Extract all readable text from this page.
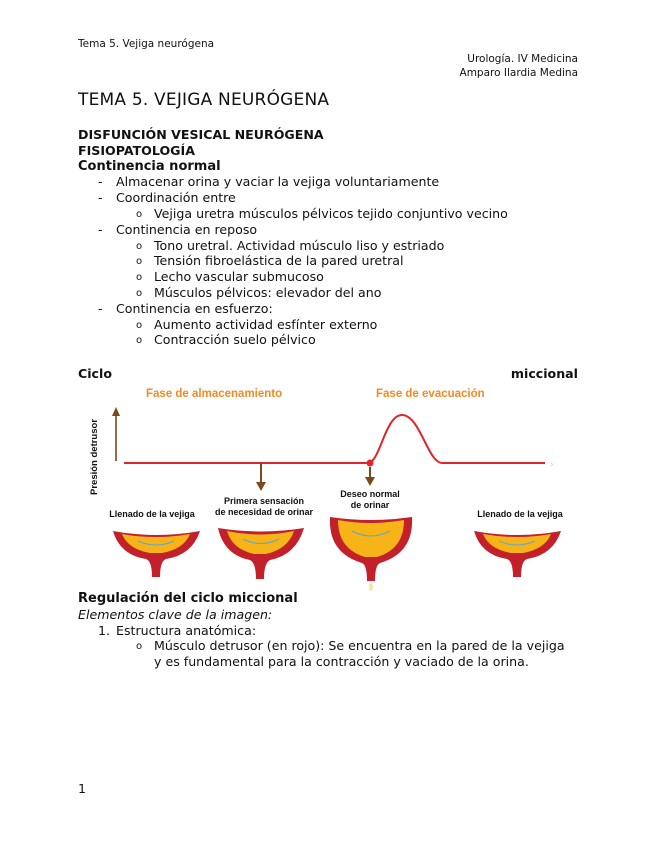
Tema 5. Vejiga neurógena
Urología. IV Medicina
Amparo Ilardia Medina
TEMA 5. VEJIGA NEURÓGENA
DISFUNCIÓN VESICAL NEURÓGENA
FISIOPATOLOGÍA
Continencia normal
- Almacenar orina y vaciar la vejiga voluntariamente
- Coordinación entre
o Vejiga uretra músculos pélvicos tejido conjuntivo vecino
- Continencia en reposo
o Tono uretral. Actividad músculo liso y estriado
o Tensión fibroelástica de la pared uretral
o Lecho vascular submucoso
o Músculos pélvicos: elevador del ano
- Continencia en esfuerzo:
o Aumento actividad esfínter externo
o Contracción suelo pélvico
Ciclo	miccional
Fase de almacenamiento	Fase de evacuación
Presión detrusor	›
Llenado de la vejiga
Primera sensación
de necesidad de orinar
Deseo normal
de orinar
Llenado de la vejiga
Regulación del ciclo miccional
Elementos clave de la imagen:
1. Estructura anatómica:
o Músculo detrusor (en rojo): Se encuentra en la pared de la vejiga
y es fundamental para la contracción y vaciado de la orina.
1
